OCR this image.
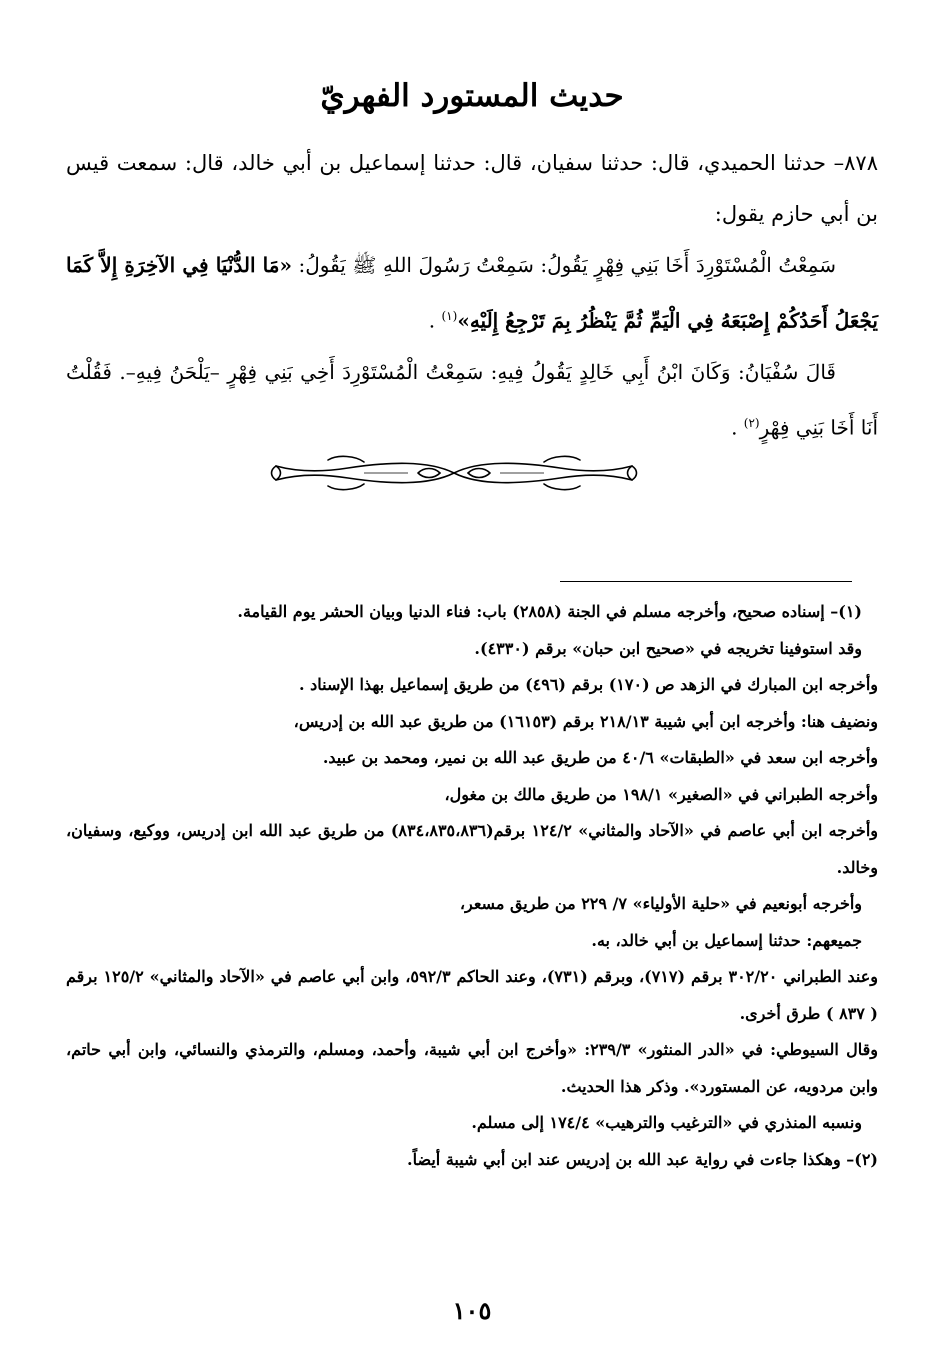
حديث المستورد الفهريّ

٨٧٨– حدثنا الحميدي، قال: حدثنا سفيان، قال: حدثنا إسماعيل بن أبي خالد، قال: سمعت قيس بن أبي حازم يقول:

سَمِعْتُ الْمُسْتَوْرِدَ أَخَا بَنِي فِهْرٍ يَقُولُ: سَمِعْتُ رَسُولَ اللهِ ﷺ يَقُولُ: «مَا الدُّنْيَا فِي الآخِرَةِ إِلاَّ كَمَا يَجْعَلُ أَحَدُكُمْ إِصْبَعَهُ فِي الْيَمِّ ثُمَّ يَنْظُرُ بِمَ تَرْجِعُ إِلَيْهِ»$^{(١)}$ .

قَالَ سُفْيَانُ: وَكَانَ ابْنُ أَبِي خَالِدٍ يَقُولُ فِيهِ: سَمِعْتُ الْمُسْتَوْرِدَ أَخِي بَنِي فِهْرٍ –يَلْحَنُ فِيهِ–. فَقُلْتُ أَنَا أَخَا بَنِي فِهْرٍ$^{(٢)}$ .

(١)– إسناده صحيح، وأخرجه مسلم في الجنة (٢٨٥٨) باب: فناء الدنيا وبيان الحشر يوم القيامة.

وقد استوفينا تخريجه في «صحيح ابن حبان» برقم (٤٣٣٠).

وأخرجه ابن المبارك في الزهد ص (١٧٠) برقم (٤٩٦) من طريق إسماعيل بهذا الإسناد .

ونضيف هنا: وأخرجه ابن أبي شيبة ٢١٨/١٣ برقم (١٦١٥٣) من طريق عبد الله بن إدريس،

وأخرجه ابن سعد في «الطبقات» ٤٠/٦ من طريق عبد الله بن نمير، ومحمد بن عبيد.

وأخرجه الطبراني في «الصغير» ١٩٨/١ من طريق مالك بن مغول،

وأخرجه ابن أبي عاصم في «الآحاد والمثاني» ١٢٤/٢ برقم(٨٣٤،٨٣٥،٨٣٦) من طريق عبد الله ابن إدريس، ووكيع، وسفيان، وخالد.

وأخرجه أبونعيم في «حلية الأولياء» ٧/ ٢٢٩ من طريق مسعر،

جميعهم: حدثنا إسماعيل بن أبي خالد، به.

وعند الطبراني ٣٠٢/٢٠ برقم (٧١٧)، وبرقم (٧٣١)، وعند الحاكم ٥٩٢/٣، وابن أبي عاصم في «الآحاد والمثاني» ١٢٥/٢ برقم ( ٨٣٧ ) طرق أخرى.

وقال السيوطي: في «الدر المنثور» ٢٣٩/٣: «وأخرج ابن أبي شيبة، وأحمد، ومسلم، والترمذي والنسائي، وابن أبي حاتم، وابن مردويه، عن المستورد». وذكر هذا الحديث.

ونسبه المنذري في «الترغيب والترهيب» ١٧٤/٤ إلى مسلم.

(٢)– وهكذا جاءت في رواية عبد الله بن إدريس عند ابن أبي شيبة أيضاً.

١٠٥
